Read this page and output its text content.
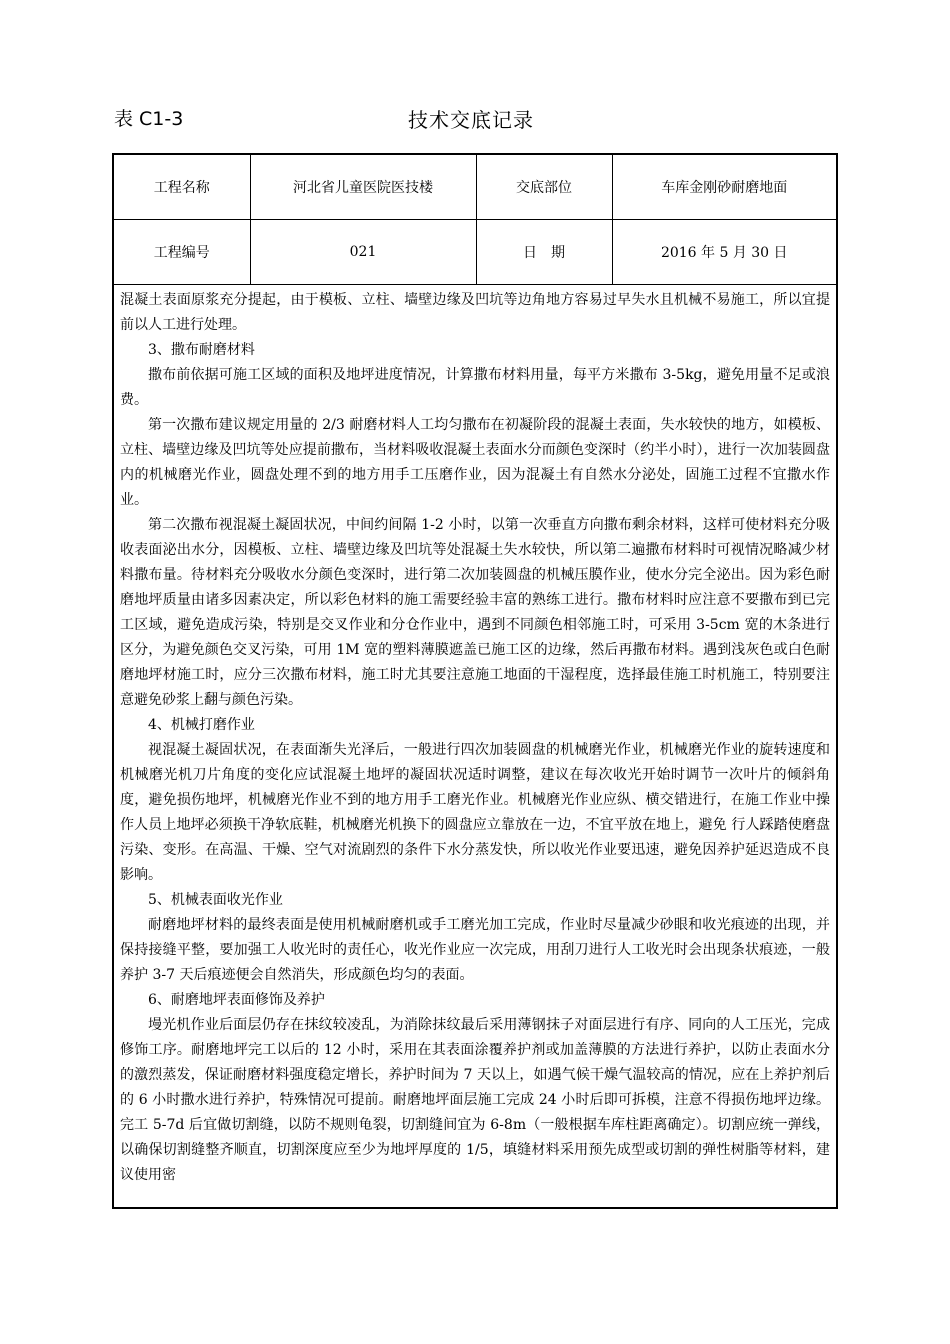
表 C1-3	技术交底记录
工程名称	河北省儿童医院医技楼	交底部位	车库金刚砂耐磨地面
工程编号	021	日　期	2016 年 5 月 30 日

混凝土表面原浆充分提起，由于模板、立柱、墙壁边缘及凹坑等边角地方容易过早失水且机械不易施工，所以宜提前以人工进行处理。

3、撒布耐磨材料

撒布前依据可施工区域的面积及地坪进度情况，计算撒布材料用量，每平方米撒布 3-5kg，避免用量不足或浪费。

第一次撒布建议规定用量的 2/3 耐磨材料人工均匀撒布在初凝阶段的混凝土表面，失水较快的地方，如模板、立柱、墙壁边缘及凹坑等处应提前撒布，当材料吸收混凝土表面水分而颜色变深时（约半小时），进行一次加装圆盘内的机械磨光作业，圆盘处理不到的地方用手工压磨作业，因为混凝土有自然水分泌处，固施工过程不宜撒水作业。

第二次撒布视混凝土凝固状况，中间约间隔 1-2 小时，以第一次垂直方向撒布剩余材料，这样可使材料充分吸收表面泌出水分，因模板、立柱、墙壁边缘及凹坑等处混凝土失水较快，所以第二遍撒布材料时可视情况略减少材料撒布量。待材料充分吸收水分颜色变深时，进行第二次加装圆盘的机械压膜作业，使水分完全泌出。因为彩色耐磨地坪质量由诸多因素决定，所以彩色材料的施工需要经验丰富的熟练工进行。撒布材料时应注意不要撒布到已完工区域，避免造成污染，特别是交叉作业和分仓作业中，遇到不同颜色相邻施工时，可采用 3-5cm 宽的木条进行区分，为避免颜色交叉污染，可用 1M 宽的塑料薄膜遮盖已施工区的边缘，然后再撒布材料。遇到浅灰色或白色耐磨地坪材施工时，应分三次撒布材料，施工时尤其要注意施工地面的干湿程度，选择最佳施工时机施工，特别要注意避免砂浆上翻与颜色污染。

4、机械打磨作业

视混凝土凝固状况，在表面渐失光泽后，一般进行四次加装圆盘的机械磨光作业，机械磨光作业的旋转速度和机械磨光机刀片角度的变化应试混凝土地坪的凝固状况适时调整，建议在每次收光开始时调节一次叶片的倾斜角度，避免损伤地坪，机械磨光作业不到的地方用手工磨光作业。机械磨光作业应纵、横交错进行，在施工作业中操作人员上地坪必须换干净软底鞋，机械磨光机换下的圆盘应立靠放在一边，不宜平放在地上，避免 行人踩踏使磨盘污染、变形。在高温、干燥、空气对流剧烈的条件下水分蒸发快，所以收光作业要迅速，避免因养护延迟造成不良影响。

5、机械表面收光作业

耐磨地坪材料的最终表面是使用机械耐磨机或手工磨光加工完成，作业时尽量减少砂眼和收光痕迹的出现，并保持接缝平整，要加强工人收光时的责任心，收光作业应一次完成，用刮刀进行人工收光时会出现条状痕迹，一般养护 3-7 天后痕迹便会自然消失，形成颜色均匀的表面。

6、耐磨地坪表面修饰及养护

墁光机作业后面层仍存在抹纹较凌乱，为消除抹纹最后采用薄钢抹子对面层进行有序、同向的人工压光，完成修饰工序。耐磨地坪完工以后的 12 小时，采用在其表面涂覆养护剂或加盖薄膜的方法进行养护，以防止表面水分的激烈蒸发，保证耐磨材料强度稳定增长，养护时间为 7 天以上，如遇气候干燥气温较高的情况，应在上养护剂后的 6 小时撒水进行养护，特殊情况可提前。耐磨地坪面层施工完成 24 小时后即可拆模，注意不得损伤地坪边缘。完工 5-7d 后宜做切割缝，以防不规则龟裂，切割缝间宜为 6-8m（一般根据车库柱距离确定）。切割应统一弹线，以确保切割缝整齐顺直，切割深度应至少为地坪厚度的 1/5，填缝材料采用预先成型或切割的弹性树脂等材料，建议使用密
